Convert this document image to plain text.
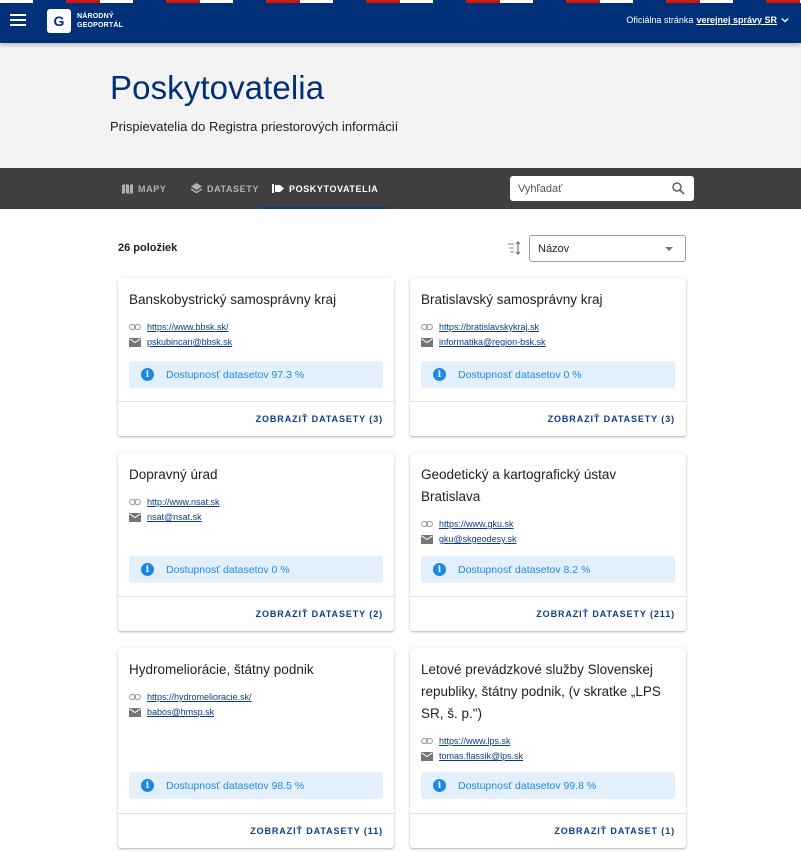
G	NÁRODNÝ
GEOPORTÁL
Oficiálna stránka verejnej správy SR
Poskytovatelia

Prispievatelia do Registra priestorových informácií

MAPY	DATASETY	POSKYTOVATELIA
Vyhľadať
26 položiek	Názov
Banskobystrický samosprávny kraj
https://www.bbsk.sk/
pskubincan@bbsk.sk
i	Dostupnosť datasetov 97.3 %
ZOBRAZIŤ DATASETY (3)
Bratislavský samosprávny kraj
https://bratislavskykraj.sk
informatika@region-bsk.sk
i	Dostupnosť datasetov 0 %
ZOBRAZIŤ DATASETY (3)
Dopravný úrad
http://www.nsat.sk
nsat@nsat.sk
i	Dostupnosť datasetov 0 %
ZOBRAZIŤ DATASETY (2)
Geodetický a kartografický ústav Bratislava
https://www.gku.sk
gku@skgeodesy.sk
i	Dostupnosť datasetov 8.2 %
ZOBRAZIŤ DATASETY (211)
Hydromeliorácie, štátny podnik
https://hydromelioracie.sk/
babos@hmsp.sk
i	Dostupnosť datasetov 98.5 %
ZOBRAZIŤ DATASETY (11)
Letové prevádzkové služby Slovenskej republiky, štátny podnik, (v skratke „LPS SR, š. p.")
https://www.lps.sk
tomas.flassik@lps.sk
i	Dostupnosť datasetov 99.8 %
ZOBRAZIŤ DATASET (1)
